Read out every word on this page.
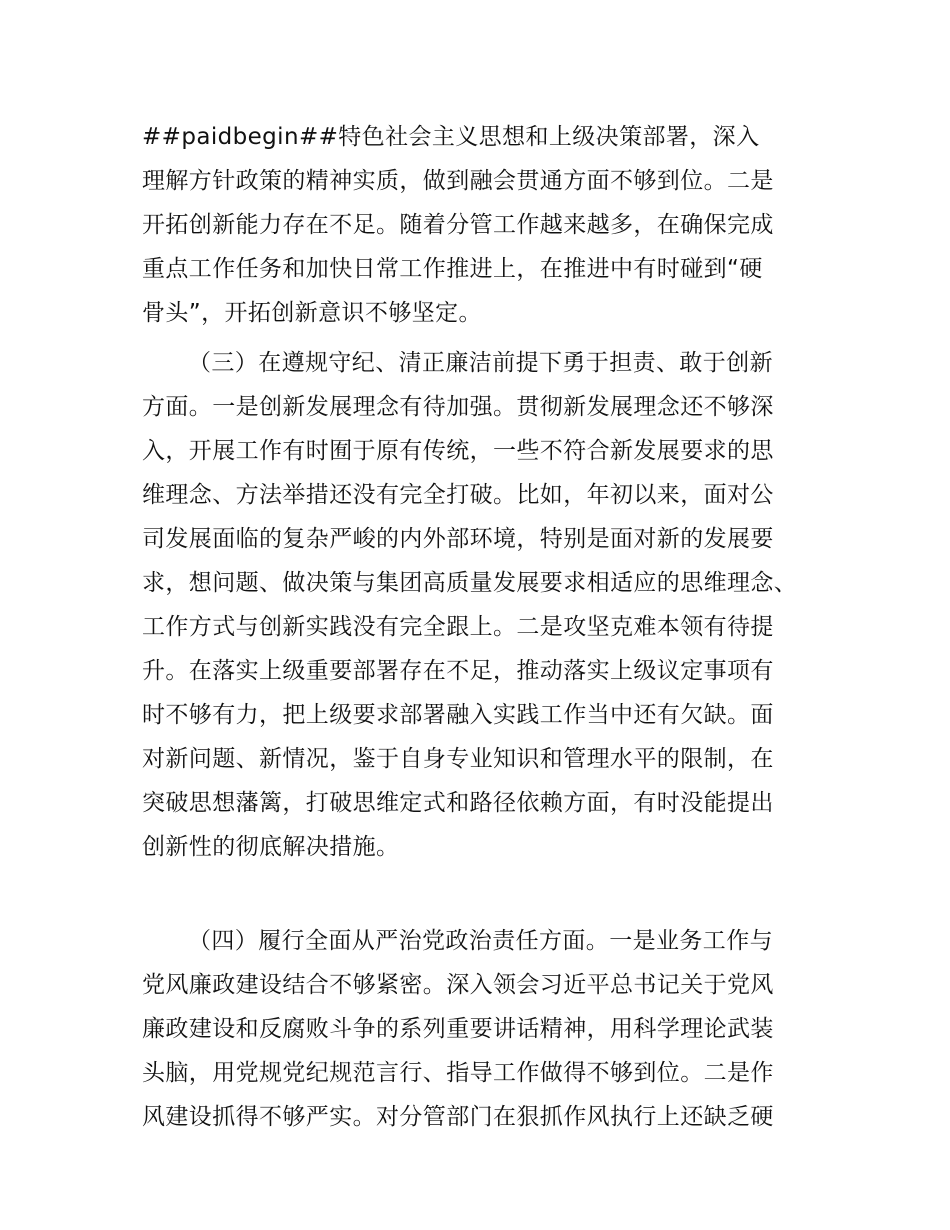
##paidbegin##特色社会主义思想和上级决策部署，深入
理解方针政策的精神实质，做到融会贯通方面不够到位。二是
开拓创新能力存在不足。随着分管工作越来越多，在确保完成
重点工作任务和加快日常工作推进上，在推进中有时碰到“硬
骨头”，开拓创新意识不够坚定。
（三）在遵规守纪、清正廉洁前提下勇于担责、敢于创新
方面。一是创新发展理念有待加强。贯彻新发展理念还不够深
入，开展工作有时囿于原有传统，一些不符合新发展要求的思
维理念、方法举措还没有完全打破。比如，年初以来，面对公
司发展面临的复杂严峻的内外部环境，特别是面对新的发展要
求，想问题、做决策与集团高质量发展要求相适应的思维理念、
工作方式与创新实践没有完全跟上。二是攻坚克难本领有待提
升。在落实上级重要部署存在不足，推动落实上级议定事项有
时不够有力，把上级要求部署融入实践工作当中还有欠缺。面
对新问题、新情况，鉴于自身专业知识和管理水平的限制，在
突破思想藩篱，打破思维定式和路径依赖方面，有时没能提出
创新性的彻底解决措施。
（四）履行全面从严治党政治责任方面。一是业务工作与
党风廉政建设结合不够紧密。深入领会习近平总书记关于党风
廉政建设和反腐败斗争的系列重要讲话精神，用科学理论武装
头脑，用党规党纪规范言行、指导工作做得不够到位。二是作
风建设抓得不够严实。对分管部门在狠抓作风执行上还缺乏硬
